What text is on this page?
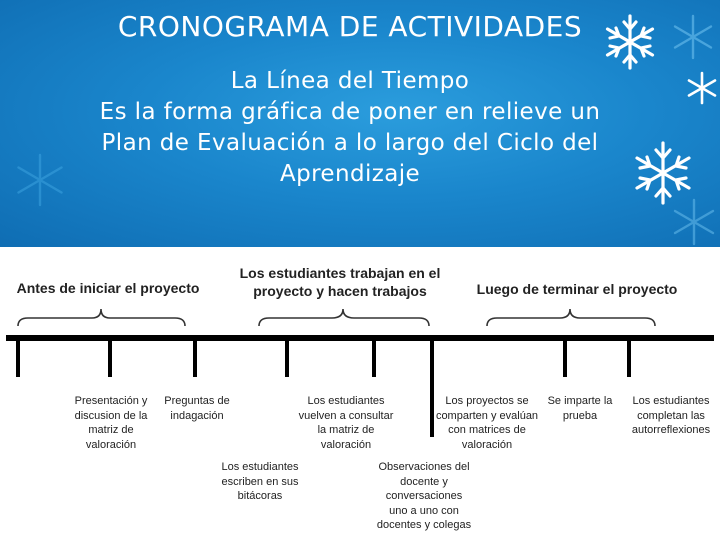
CRONOGRAMA DE ACTIVIDADES
La Línea del Tiempo
Es la forma gráfica de poner en relieve un
Plan de Evaluación a lo largo del Ciclo del
Aprendizaje
Antes de iniciar el proyecto
Los estudiantes trabajan en el
proyecto y hacen trabajos	Luego de terminar el proyecto
Presentación y
discusion de la
matriz de
valoración
Preguntas de
indagación
Los estudiantes
vuelven a consultar
la matriz de
valoración
Los proyectos se
comparten y evalúan
con matrices de
valoración
Se imparte la
prueba
Los estudiantes
completan las
autorreflexiones
Los estudiantes
escriben en sus
bitácoras
Observaciones del
docente y
conversaciones
uno a uno con
docentes y colegas
